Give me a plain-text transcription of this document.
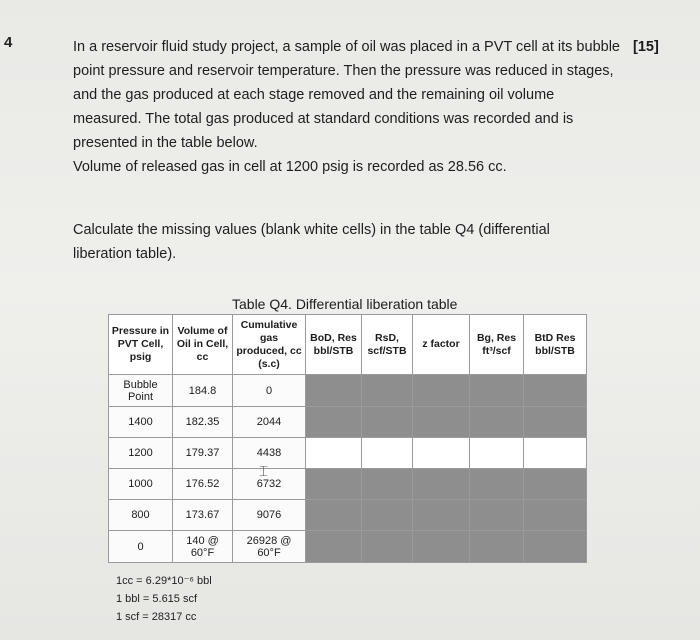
4	In a reservoir fluid study project, a sample of oil was placed in a PVT cell at its bubble
point pressure and reservoir temperature. Then the pressure was reduced in stages,
and the gas produced at each stage removed and the remaining oil volume
measured. The total gas produced at standard conditions was recorded and is
presented in the table below.
Volume of released gas in cell at 1200 psig is recorded as 28.56 cc.
[15]
Calculate the missing values (blank white cells) in the table Q4 (differential
liberation table).
Table Q4. Differential liberation table
Pressure in PVT Cell, psig	Volume of Oil in Cell, cc	Cumulative gas produced, cc (s.c)	BoD, Res bbl/STB	RsD, scf/STB	z factor	Bg, Res ft³/scf	BtD Res bbl/STB
Bubble Point	184.8	0					
1400	182.35	2044					
1200	179.37	4438					
1000	176.52	6732					
800	173.67	9076					
0	140 @ 60°F	26928 @ 60°F					
⌶
1cc = 6.29*10⁻⁶ bbl
1 bbl = 5.615 scf
1 scf = 28317 cc
